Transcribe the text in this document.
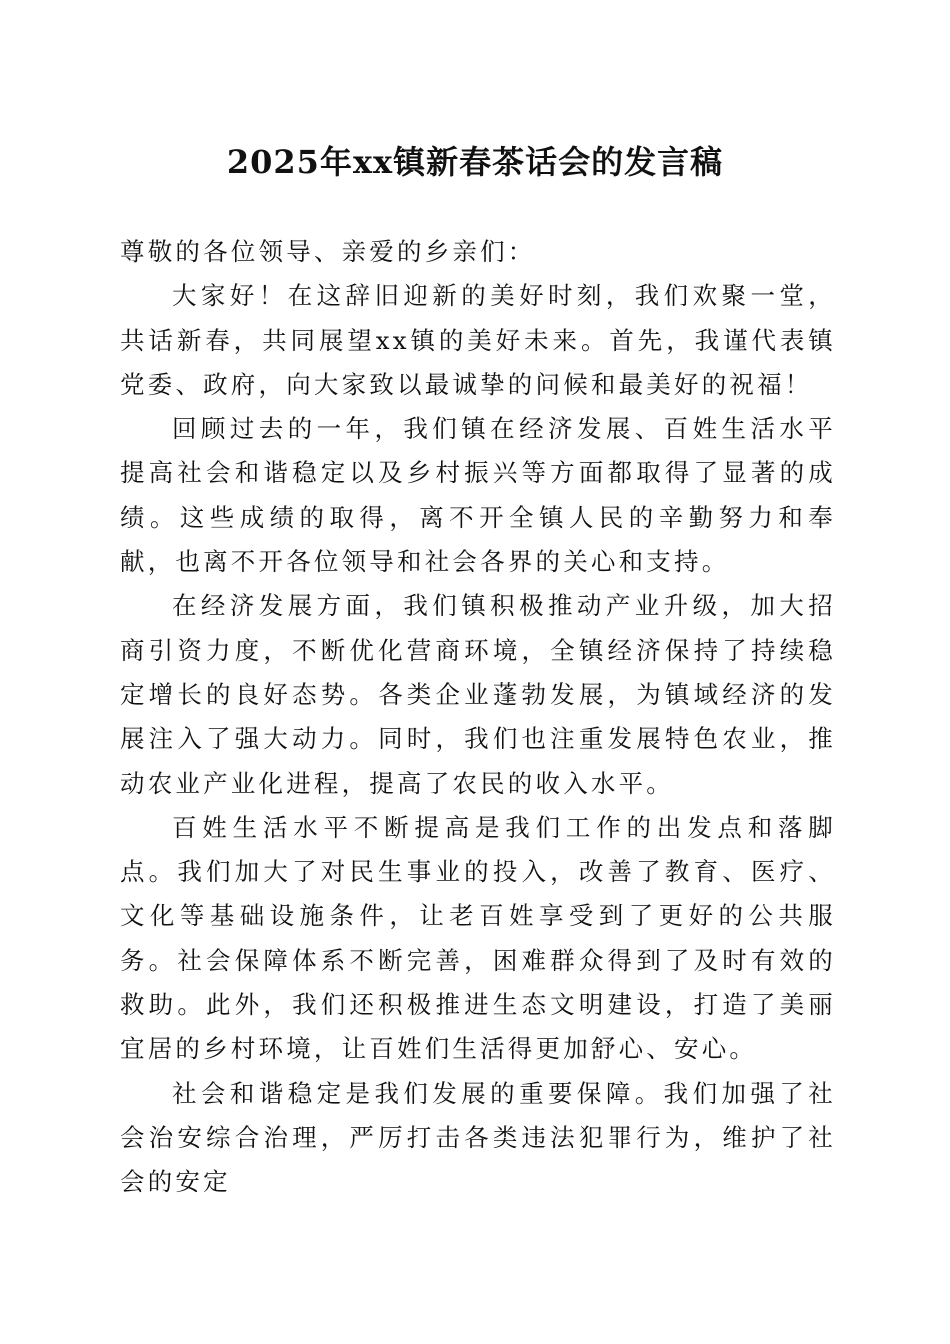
2025年xx镇新春茶话会的发言稿

尊敬的各位领导、亲爱的乡亲们：

大家好！在这辞旧迎新的美好时刻，我们欢聚一堂，共话新春，共同展望xx镇的美好未来。首先，我谨代表镇党委、政府，向大家致以最诚挚的问候和最美好的祝福！

回顾过去的一年，我们镇在经济发展、百姓生活水平提高社会和谐稳定以及乡村振兴等方面都取得了显著的成绩。这些成绩的取得，离不开全镇人民的辛勤努力和奉献，也离不开各位领导和社会各界的关心和支持。

在经济发展方面，我们镇积极推动产业升级，加大招商引资力度，不断优化营商环境，全镇经济保持了持续稳定增长的良好态势。各类企业蓬勃发展，为镇域经济的发展注入了强大动力。同时，我们也注重发展特色农业，推动农业产业化进程，提高了农民的收入水平。

百姓生活水平不断提高是我们工作的出发点和落脚点。我们加大了对民生事业的投入，改善了教育、医疗、文化等基础设施条件，让老百姓享受到了更好的公共服务。社会保障体系不断完善，困难群众得到了及时有效的救助。此外，我们还积极推进生态文明建设，打造了美丽宜居的乡村环境，让百姓们生活得更加舒心、安心。

社会和谐稳定是我们发展的重要保障。我们加强了社会治安综合治理，严厉打击各类违法犯罪行为，维护了社会的安定
